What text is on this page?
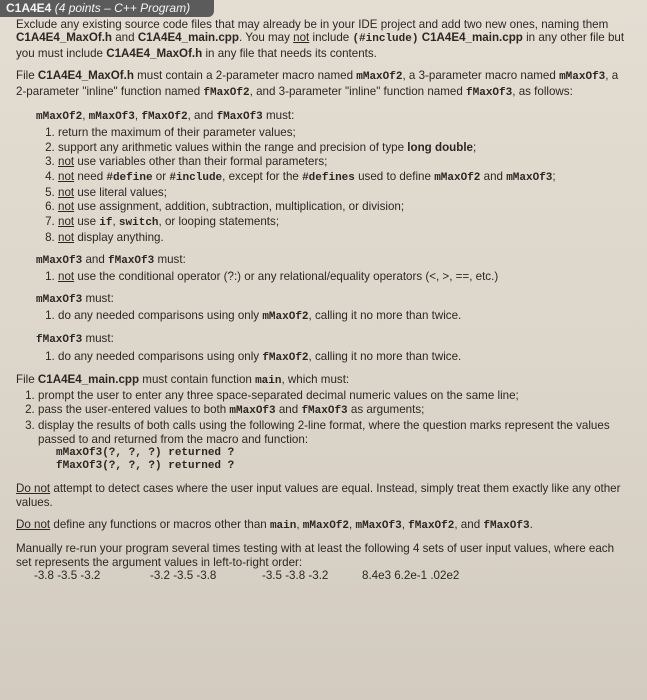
C1A4E4 (4 points – C++ Program)

Exclude any existing source code files that may already be in your IDE project and add two new ones, naming them C1A4E4_MaxOf.h and C1A4E4_main.cpp. You may not include (#include) C1A4E4_main.cpp in any other file but you must include C1A4E4_MaxOf.h in any file that needs its contents.

File C1A4E4_MaxOf.h must contain a 2-parameter macro named mMaxOf2, a 3-parameter macro named mMaxOf3, a 2-parameter "inline" function named fMaxOf2, and 3-parameter "inline" function named fMaxOf3, as follows:

mMaxOf2, mMaxOf3, fMaxOf2, and fMaxOf3 must:
1. return the maximum of their parameter values;
2. support any arithmetic values within the range and precision of type long double;
3. not use variables other than their formal parameters;
4. not need #define or #include, except for the #defines used to define mMaxOf2 and mMaxOf3;
5. not use literal values;
6. not use assignment, addition, subtraction, multiplication, or division;
7. not use if, switch, or looping statements;
8. not display anything.
mMaxOf3 and fMaxOf3 must:
1. not use the conditional operator (?:) or any relational/equality operators (<, >, ==, etc.)
mMaxOf3 must:
1. do any needed comparisons using only mMaxOf2, calling it no more than twice.
fMaxOf3 must:
1. do any needed comparisons using only fMaxOf2, calling it no more than twice.
File C1A4E4_main.cpp must contain function main, which must:
1. prompt the user to enter any three space-separated decimal numeric values on the same line;
2. pass the user-entered values to both mMaxOf3 and fMaxOf3 as arguments;
3. display the results of both calls using the following 2-line format, where the question marks represent the values passed to and returned from the macro and function:
mMaxOf3(?, ?, ?) returned ?
fMaxOf3(?, ?, ?) returned ?

Do not attempt to detect cases where the user input values are equal. Instead, simply treat them exactly like any other values.

Do not define any functions or macros other than main, mMaxOf2, mMaxOf3, fMaxOf2, and fMaxOf3.

Manually re-run your program several times testing with at least the following 4 sets of user input values, where each set represents the argument values in left-to-right order:
-3.8 -3.5 -3.2	-3.2 -3.5 -3.8	-3.5 -3.8 -3.2	8.4e3 6.2e-1 .02e2
